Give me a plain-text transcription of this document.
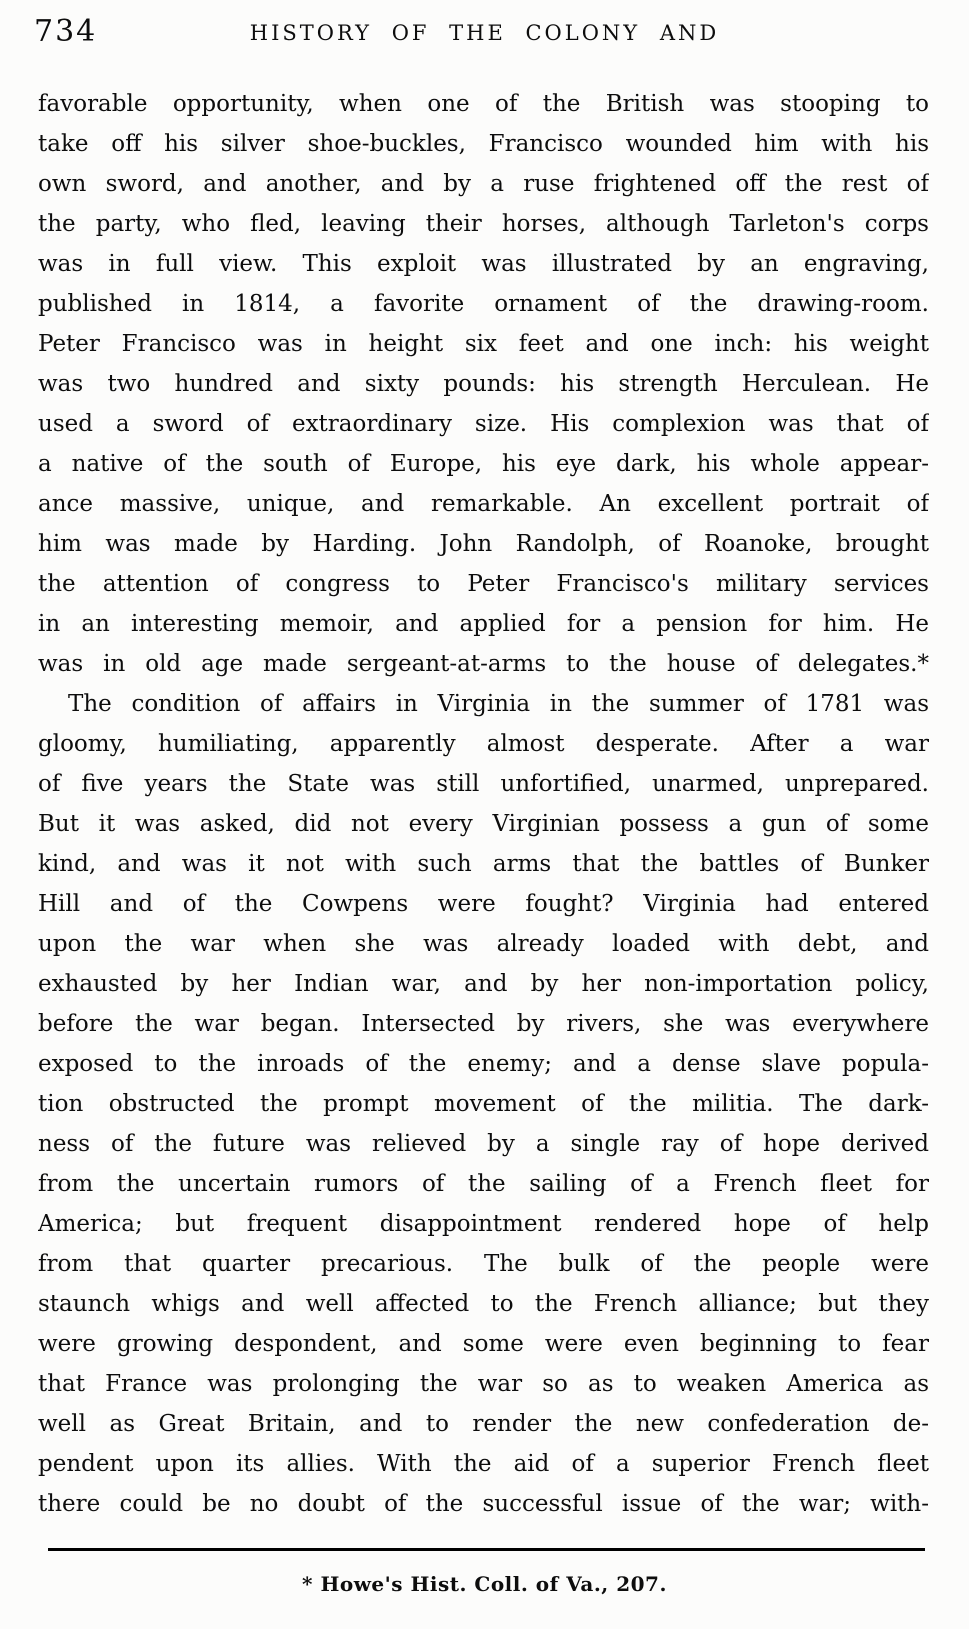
734	HISTORY OF THE COLONY AND
favorable opportunity, when one of the British was stooping to
take off his silver shoe-buckles, Francisco wounded him with his
own sword, and another, and by a ruse frightened off the rest of
the party, who fled, leaving their horses, although Tarleton's corps
was in full view. This exploit was illustrated by an engraving,
published in 1814, a favorite ornament of the drawing-room.
Peter Francisco was in height six feet and one inch: his weight
was two hundred and sixty pounds: his strength Herculean. He
used a sword of extraordinary size. His complexion was that of
a native of the south of Europe, his eye dark, his whole appear-
ance massive, unique, and remarkable. An excellent portrait of
him was made by Harding. John Randolph, of Roanoke, brought
the attention of congress to Peter Francisco's military services
in an interesting memoir, and applied for a pension for him. He
was in old age made sergeant-at-arms to the house of delegates.*
The condition of affairs in Virginia in the summer of 1781 was
gloomy, humiliating, apparently almost desperate. After a war
of five years the State was still unfortified, unarmed, unprepared.
But it was asked, did not every Virginian possess a gun of some
kind, and was it not with such arms that the battles of Bunker
Hill and of the Cowpens were fought? Virginia had entered
upon the war when she was already loaded with debt, and
exhausted by her Indian war, and by her non-importation policy,
before the war began. Intersected by rivers, she was everywhere
exposed to the inroads of the enemy; and a dense slave popula-
tion obstructed the prompt movement of the militia. The dark-
ness of the future was relieved by a single ray of hope derived
from the uncertain rumors of the sailing of a French fleet for
America; but frequent disappointment rendered hope of help
from that quarter precarious. The bulk of the people were
staunch whigs and well affected to the French alliance; but they
were growing despondent, and some were even beginning to fear
that France was prolonging the war so as to weaken America as
well as Great Britain, and to render the new confederation de-
pendent upon its allies. With the aid of a superior French fleet
there could be no doubt of the successful issue of the war; with-
* Howe's Hist. Coll. of Va., 207.
